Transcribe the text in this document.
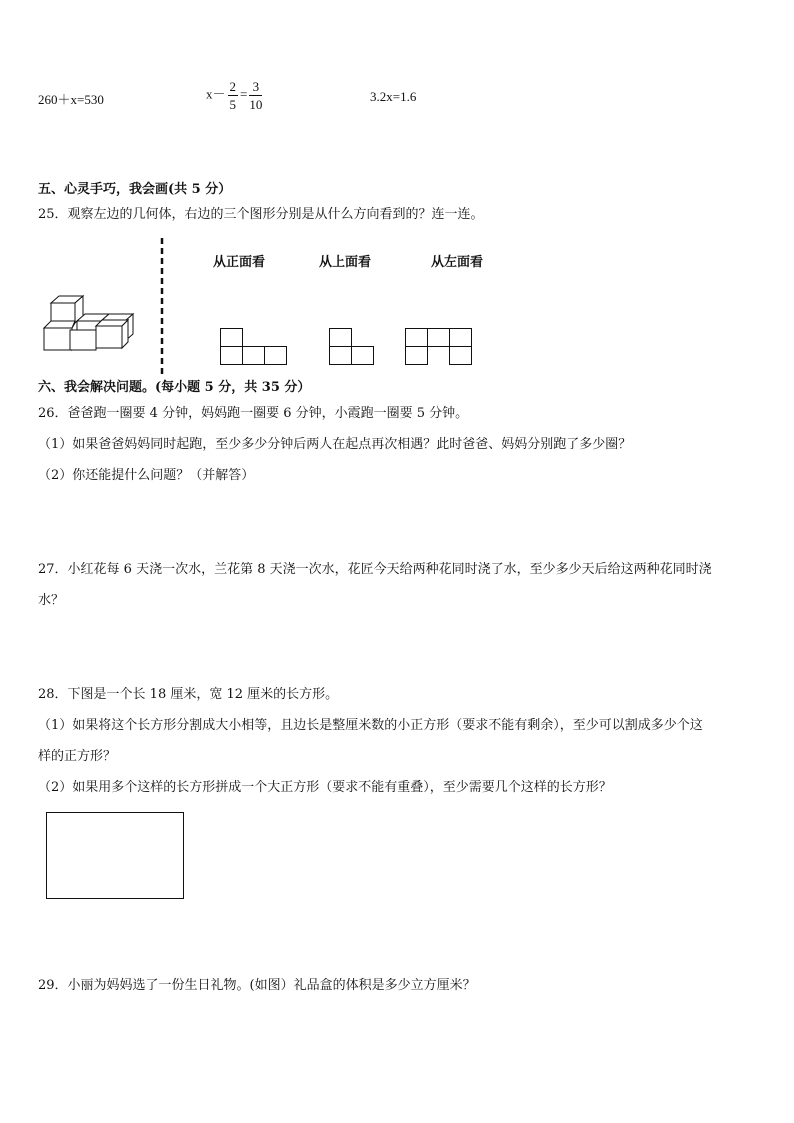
260＋x=530	$x- \frac{2}{5} = \frac{3}{10}$	3.2x=1.6
五、心灵手巧，我会画(共 5 分）
25．观察左边的几何体，右边的三个图形分别是从什么方向看到的？连一连。
从正面看	从上面看	从左面看
六、我会解决问题。(每小题 5 分，共 35 分）
26．爸爸跑一圈要 4 分钟，妈妈跑一圈要 6 分钟，小霞跑一圈要 5 分钟。
（1）如果爸爸妈妈同时起跑，至少多少分钟后两人在起点再次相遇？此时爸爸、妈妈分别跑了多少圈？
（2）你还能提什么问题？（并解答）
27．小红花每 6 天浇一次水，兰花第 8 天浇一次水，花匠今天给两种花同时浇了水，至少多少天后给这两种花同时浇
水？
28．下图是一个长 18 厘米，宽 12 厘米的长方形。
（1）如果将这个长方形分割成大小相等，且边长是整厘米数的小正方形（要求不能有剩余），至少可以割成多少个这
样的正方形？
（2）如果用多个这样的长方形拼成一个大正方形（要求不能有重叠），至少需要几个这样的长方形？
29．小丽为妈妈选了一份生日礼物。(如图）礼品盒的体积是多少立方厘米？
